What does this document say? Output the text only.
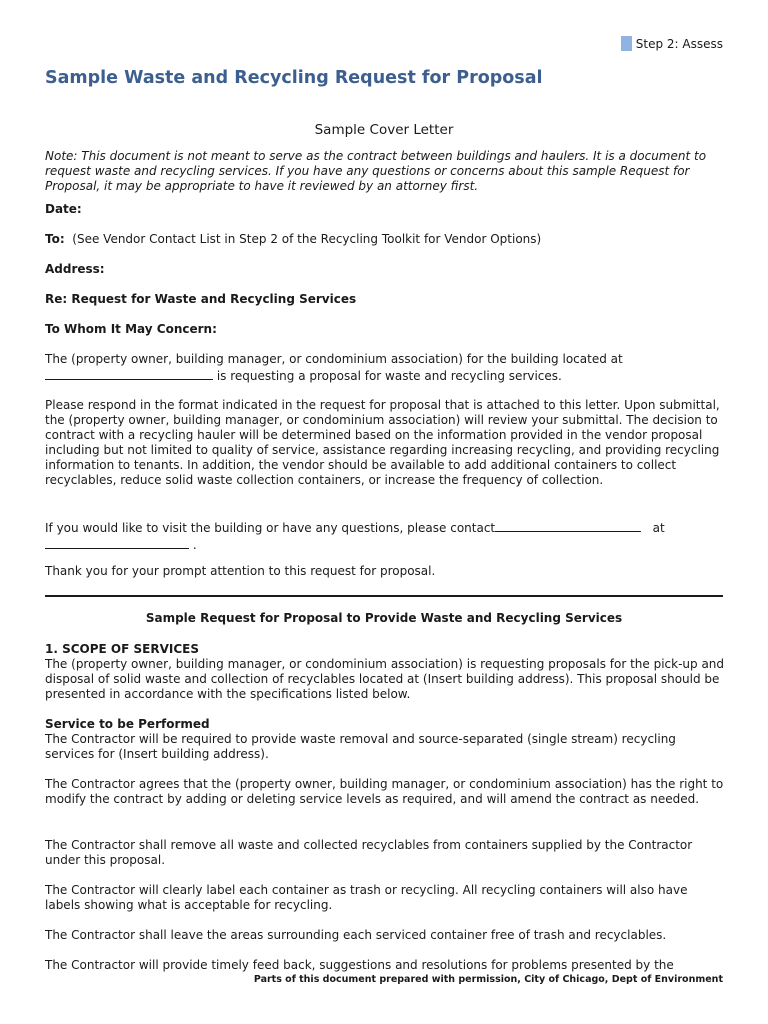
Step 2: Assess
Sample Waste and Recycling Request for Proposal
Sample Cover Letter
Note: This document is not meant to serve as the contract between buildings and haulers. It is a document to request waste and recycling services. If you have any questions or concerns about this sample Request for Proposal, it may be appropriate to have it reviewed by an attorney first.
Date:
To: (See Vendor Contact List in Step 2 of the Recycling Toolkit for Vendor Options)
Address:
Re: Request for Waste and Recycling Services
To Whom It May Concern:
The (property owner, building manager, or condominium association) for the building located at
is requesting a proposal for waste and recycling services.
Please respond in the format indicated in the request for proposal that is attached to this letter. Upon submittal, the (property owner, building manager, or condominium association) will review your submittal. The decision to contract with a recycling hauler will be determined based on the information provided in the vendor proposal including but not limited to quality of service, assistance regarding increasing recycling, and providing recycling information to tenants. In addition, the vendor should be available to add additional containers to collect recyclables, reduce solid waste collection containers, or increase the frequency of collection.
If you would like to visit the building or have any questions, please contact	at
.
Thank you for your prompt attention to this request for proposal.
Sample Request for Proposal to Provide Waste and Recycling Services
1. SCOPE OF SERVICES
The (property owner, building manager, or condominium association) is requesting proposals for the pick-up and disposal of solid waste and collection of recyclables located at (Insert building address). This proposal should be presented in accordance with the specifications listed below.
Service to be Performed
The Contractor will be required to provide waste removal and source-separated (single stream) recycling services for (Insert building address).
The Contractor agrees that the (property owner, building manager, or condominium association) has the right to modify the contract by adding or deleting service levels as required, and will amend the contract as needed.
The Contractor shall remove all waste and collected recyclables from containers supplied by the Contractor under this proposal.
The Contractor will clearly label each container as trash or recycling. All recycling containers will also have labels showing what is acceptable for recycling.
The Contractor shall leave the areas surrounding each serviced container free of trash and recyclables.
The Contractor will provide timely feed back, suggestions and resolutions for problems presented by the
Parts of this document prepared with permission, City of Chicago, Dept of Environment
